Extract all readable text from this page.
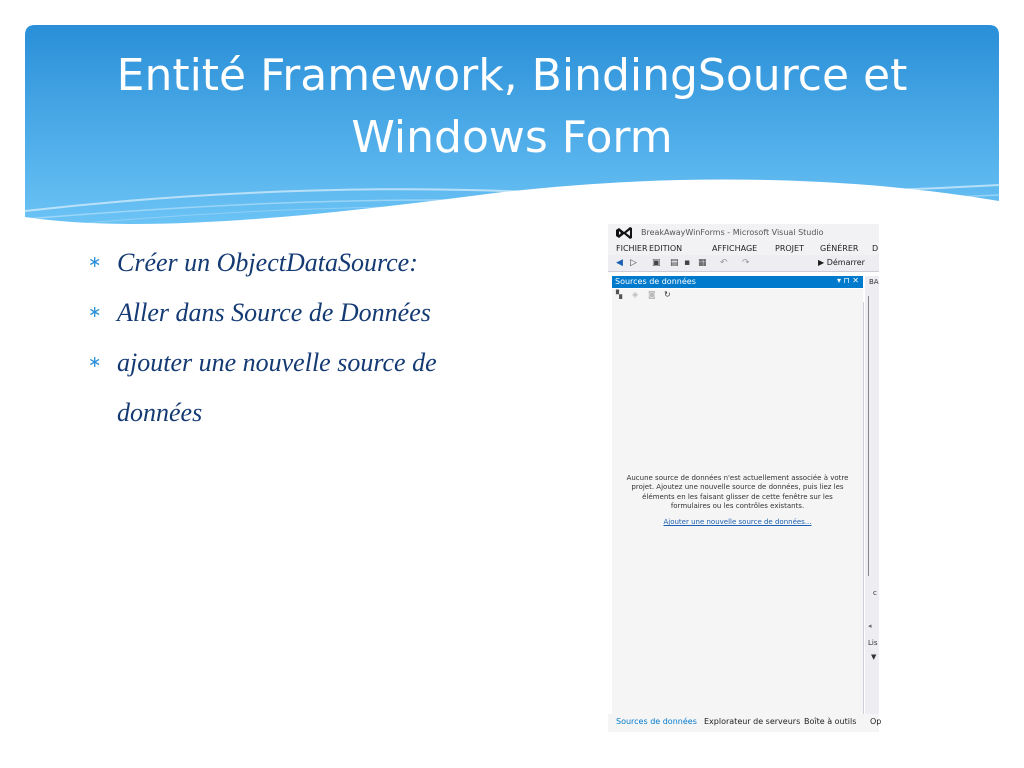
Entité Framework, BindingSource et
Windows Form
∗ Créer un ObjectDataSource:
∗ Aller dans Source de Données
∗ ajouter une nouvelle source de
données
BreakAwayWinForms - Microsoft Visual Studio
FICHIER EDITION	AFFICHAGE PROJET GÉNÉRER D
◀ ▷ ▣ ▤ ▪ ▦ ↶ ↷	▶ Démarrer
Sources de données	▾ ⊓ ✕
▚ ◈ ◙ ↻
Aucune source de données n'est actuellement associée à votre projet. Ajoutez une nouvelle source de données, puis liez les éléments en les faisant glisser de cette fenêtre sur les formulaires ou les contrôles existants.
Ajouter une nouvelle source de données...
BA
c
◂
Lis
▼
Sources de données Explorateur de serveurs Boîte à outils Op
